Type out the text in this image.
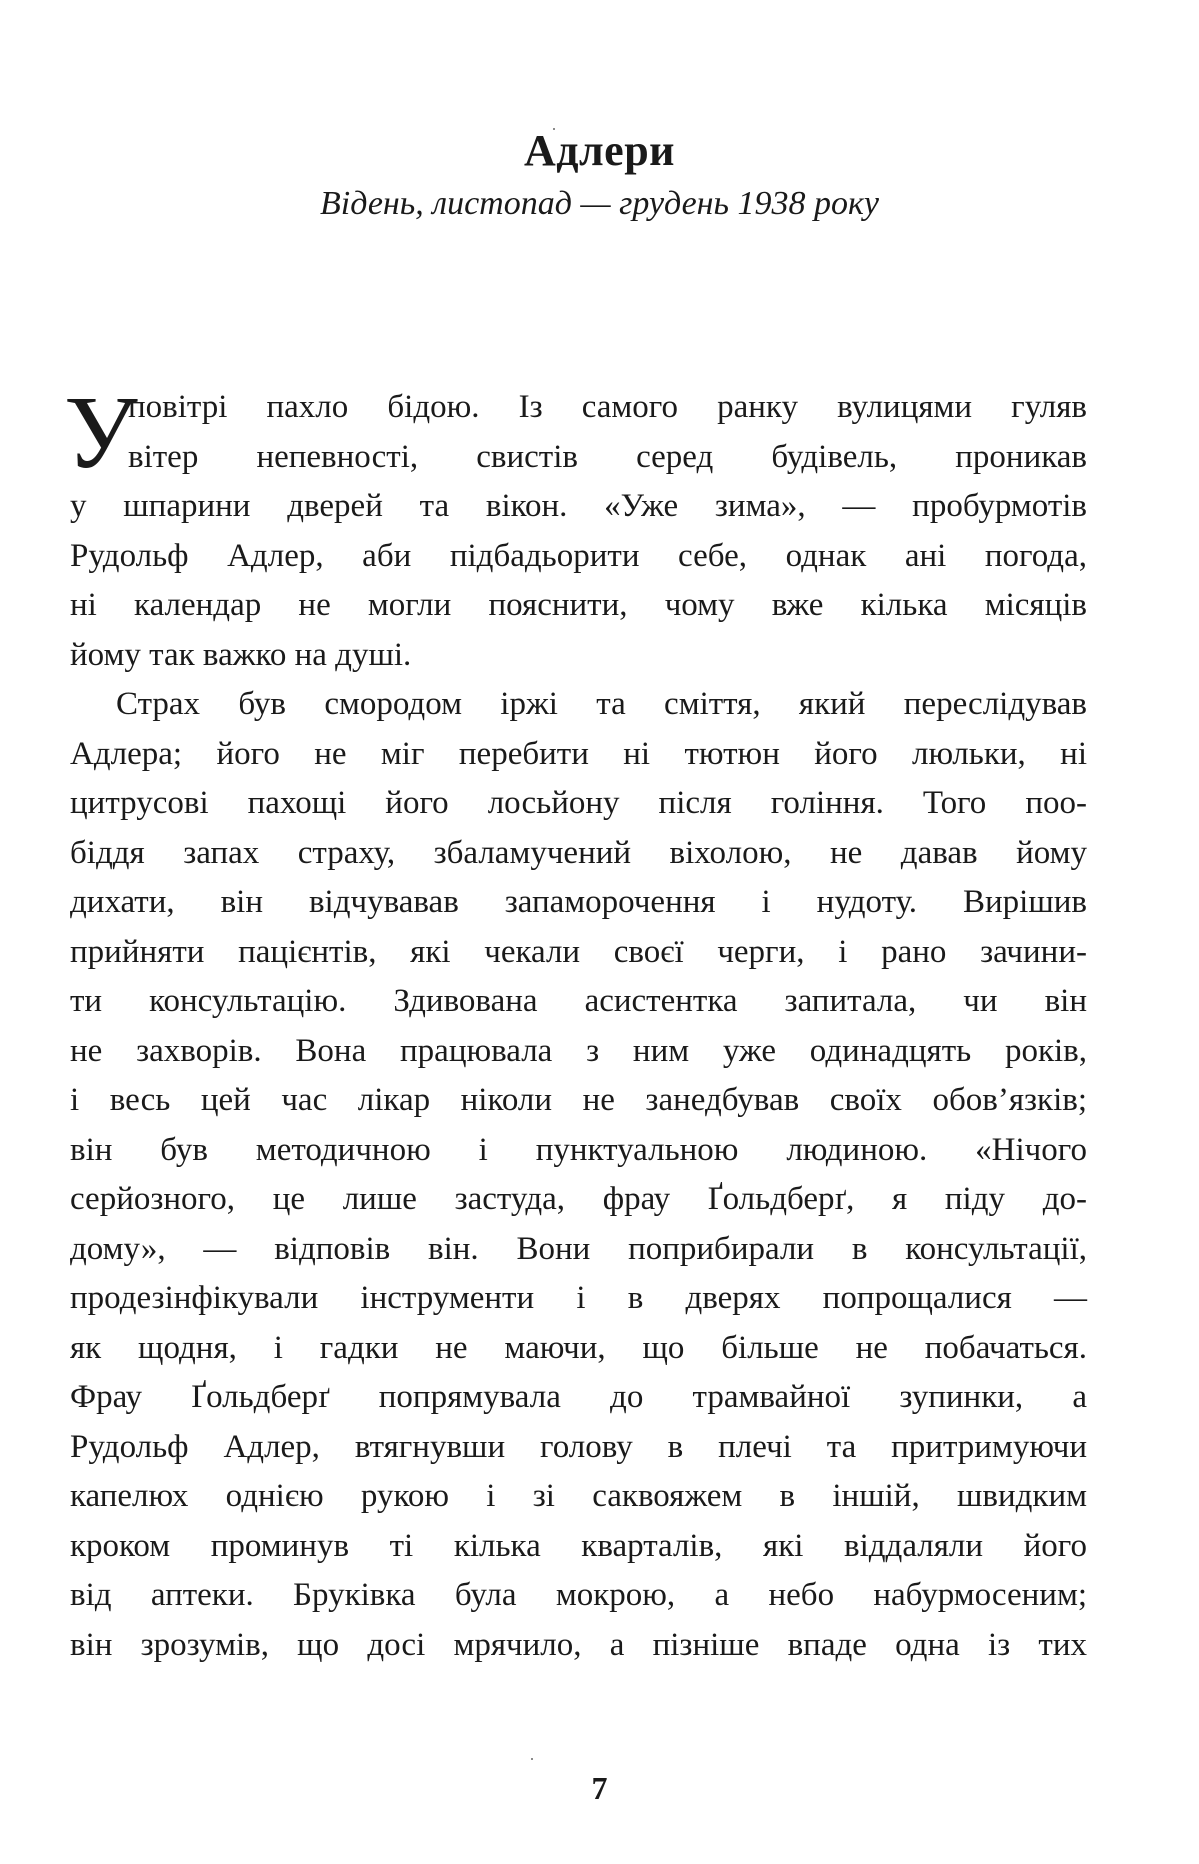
Адлери
Відень, листопад — грудень 1938 року
У
повітрі пахло бідою. Із самого ранку вулицями гуляв
вітер непевності, свистів серед будівель, проникав
у шпарини дверей та вікон. «Уже зима», — пробурмотів
Рудольф Адлер, аби підбадьорити себе, однак ані погода,
ні календар не могли пояснити, чому вже кілька місяців
йому так важко на душі.
Страх був смородом іржі та сміття, який переслідував
Адлера; його не міг перебити ні тютюн його люльки, ні
цитрусові пахощі його лосьйону після гоління. Того поо-
біддя запах страху, збаламучений віхолою, не давав йому
дихати, він відчувавав запаморочення і нудоту. Вирішив
прийняти пацієнтів, які чекали своєї черги, і рано зачини-
ти консультацію. Здивована асистентка запитала, чи він
не захворів. Вона працювала з ним уже одинадцять років,
і весь цей час лікар ніколи не занедбував своїх обов’язків;
він був методичною і пунктуальною людиною. «Нічого
серйозного, це лише застуда, фрау Ґольдберґ, я піду до-
дому», — відповів він. Вони поприбирали в консультації,
продезінфікували інструменти і в дверях попрощалися —
як щодня, і гадки не маючи, що більше не побачаться.
Фрау Ґольдберґ попрямувала до трамвайної зупинки, а
Рудольф Адлер, втягнувши голову в плечі та притримуючи
капелюх однією рукою і зі саквояжем в іншій, швидким
кроком проминув ті кілька кварталів, які віддаляли його
від аптеки. Бруківка була мокрою, а небо набурмосеним;
він зрозумів, що досі мрячило, а пізніше впаде одна із тих
7
